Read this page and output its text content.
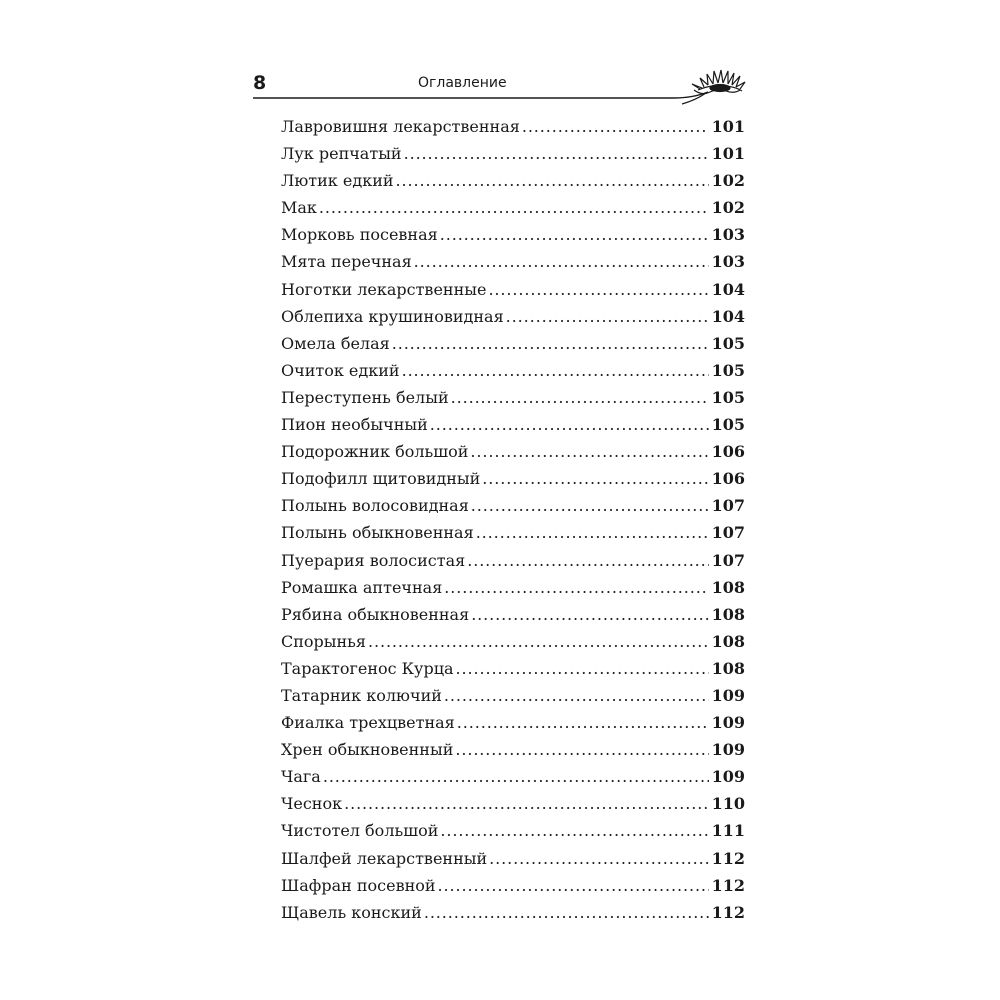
8	Оглавление
Лавровишня лекарственная .....	101
Лук репчатый .....	101
Лютик едкий .....	102
Мак .....	102
Морковь посевная .....	103
Мята перечная .....	103
Ноготки лекарственные .....	104
Облепиха крушиновидная .....	104
Омела белая .....	105
Очиток едкий .....	105
Переступень белый .....	105
Пион необычный .....	105
Подорожник большой .....	106
Подофилл щитовидный .....	106
Полынь волосовидная .....	107
Полынь обыкновенная .....	107
Пуерария волосистая .....	107
Ромашка аптечная .....	108
Рябина обыкновенная .....	108
Спорынья .....	108
Тарактогенос Курца .....	108
Татарник колючий .....	109
Фиалка трехцветная .....	109
Хрен обыкновенный .....	109
Чага .....	109
Чеснок .....	110
Чистотел большой .....	111
Шалфей лекарственный .....	112
Шафран посевной .....	112
Щавель конский .....	112
